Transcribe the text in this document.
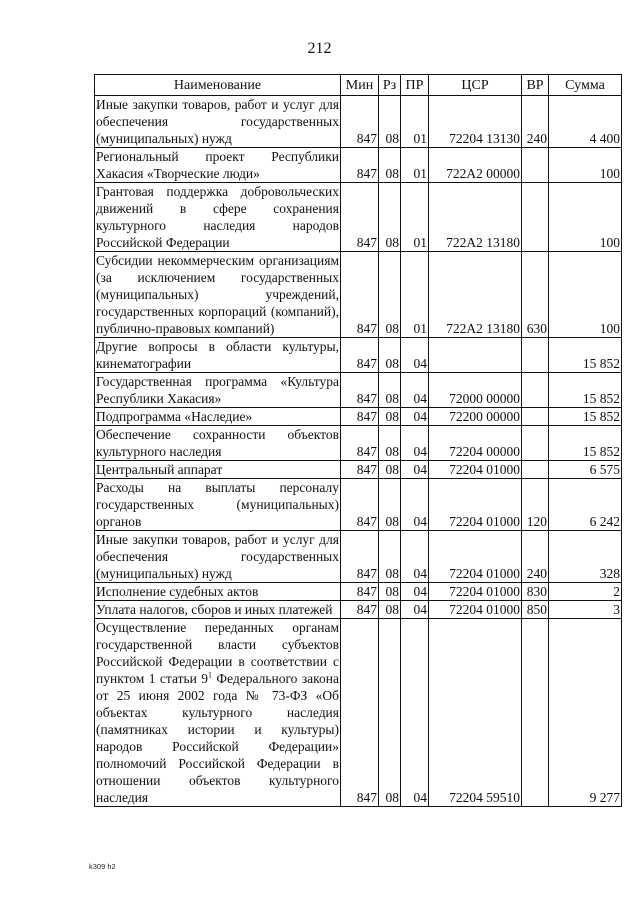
212
Наименование	Мин	Рз	ПР	ЦСР	ВР	Сумма
Иные закупки товаров, работ и услуг для обеспечения государственных (муниципальных) нужд	847	08	01	72204 13130	240	4 400
Региональный проект Республики Хакасия «Творческие люди»	847	08	01	722А2 00000		100
Грантовая поддержка добровольческих движений в сфере сохранения культурного наследия народов Российской Федерации	847	08	01	722А2 13180		100
Субсидии некоммерческим организациям (за исключением государственных (муниципальных) учреждений, государственных корпораций (компаний), публично-правовых компаний)	847	08	01	722А2 13180	630	100
Другие вопросы в области культуры, кинематографии	847	08	04			15 852
Государственная программа «Культура Республики Хакасия»	847	08	04	72000 00000		15 852
Подпрограмма «Наследие»	847	08	04	72200 00000		15 852
Обеспечение сохранности объектов культурного наследия	847	08	04	72204 00000		15 852
Центральный аппарат	847	08	04	72204 01000		6 575
Расходы на выплаты персоналу государственных (муниципальных) органов	847	08	04	72204 01000	120	6 242
Иные закупки товаров, работ и услуг для обеспечения государственных (муниципальных) нужд	847	08	04	72204 01000	240	328
Исполнение судебных актов	847	08	04	72204 01000	830	2
Уплата налогов, сборов и иных платежей	847	08	04	72204 01000	850	3
Осуществление переданных органам государственной власти субъектов Российской Федерации в соответствии с пунктом 1 статьи $9^1$ Федерального закона от 25 июня 2002 года № 73-ФЗ «Об объектах культурного наследия (памятниках истории и культуры) народов Российской Федерации» полномочий Российской Федерации в отношении объектов культурного наследия	847	08	04	72204 59510		9 277
k309 h2
